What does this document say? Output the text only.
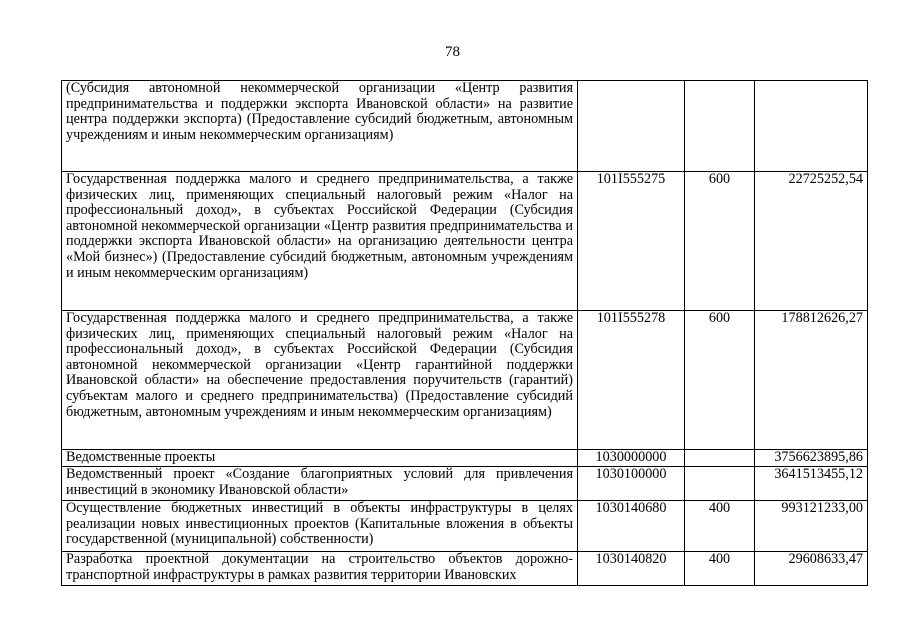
78
(Субсидия автономной некоммерческой организации «Центр развития предпринимательства и поддержки экспорта Ивановской области» на развитие центра поддержки экспорта) (Предоставление субсидий бюджетным, автономным учреждениям и иным некоммерческим организациям)			
Государственная поддержка малого и среднего предпринимательства, а также физических лиц, применяющих специальный налоговый режим «Налог на профессиональный доход», в субъектах Российской Федерации (Субсидия автономной некоммерческой организации «Центр развития предпринимательства и поддержки экспорта Ивановской области» на организацию деятельности центра «Мой бизнес») (Предоставление субсидий бюджетным, автономным учреждениям и иным некоммерческим организациям)	101I555275	600	22725252,54
Государственная поддержка малого и среднего предпринимательства, а также физических лиц, применяющих специальный налоговый режим «Налог на профессиональный доход», в субъектах Российской Федерации (Субсидия автономной некоммерческой организации «Центр гарантийной поддержки Ивановской области» на обеспечение предоставления поручительств (гарантий) субъектам малого и среднего предпринимательства) (Предоставление субсидий бюджетным, автономным учреждениям и иным некоммерческим организациям)	101I555278	600	178812626,27
Ведомственные проекты	1030000000		3756623895,86
Ведомственный проект «Создание благоприятных условий для привлечения инвестиций в экономику Ивановской области»	1030100000		3641513455,12
Осуществление бюджетных инвестиций в объекты инфраструктуры в целях реализации новых инвестиционных проектов (Капитальные вложения в объекты государственной (муниципальной) собственности)	1030140680	400	993121233,00
Разработка проектной документации на строительство объектов дорожно-транспортной инфраструктуры в рамках развития территории Ивановских	1030140820	400	29608633,47
